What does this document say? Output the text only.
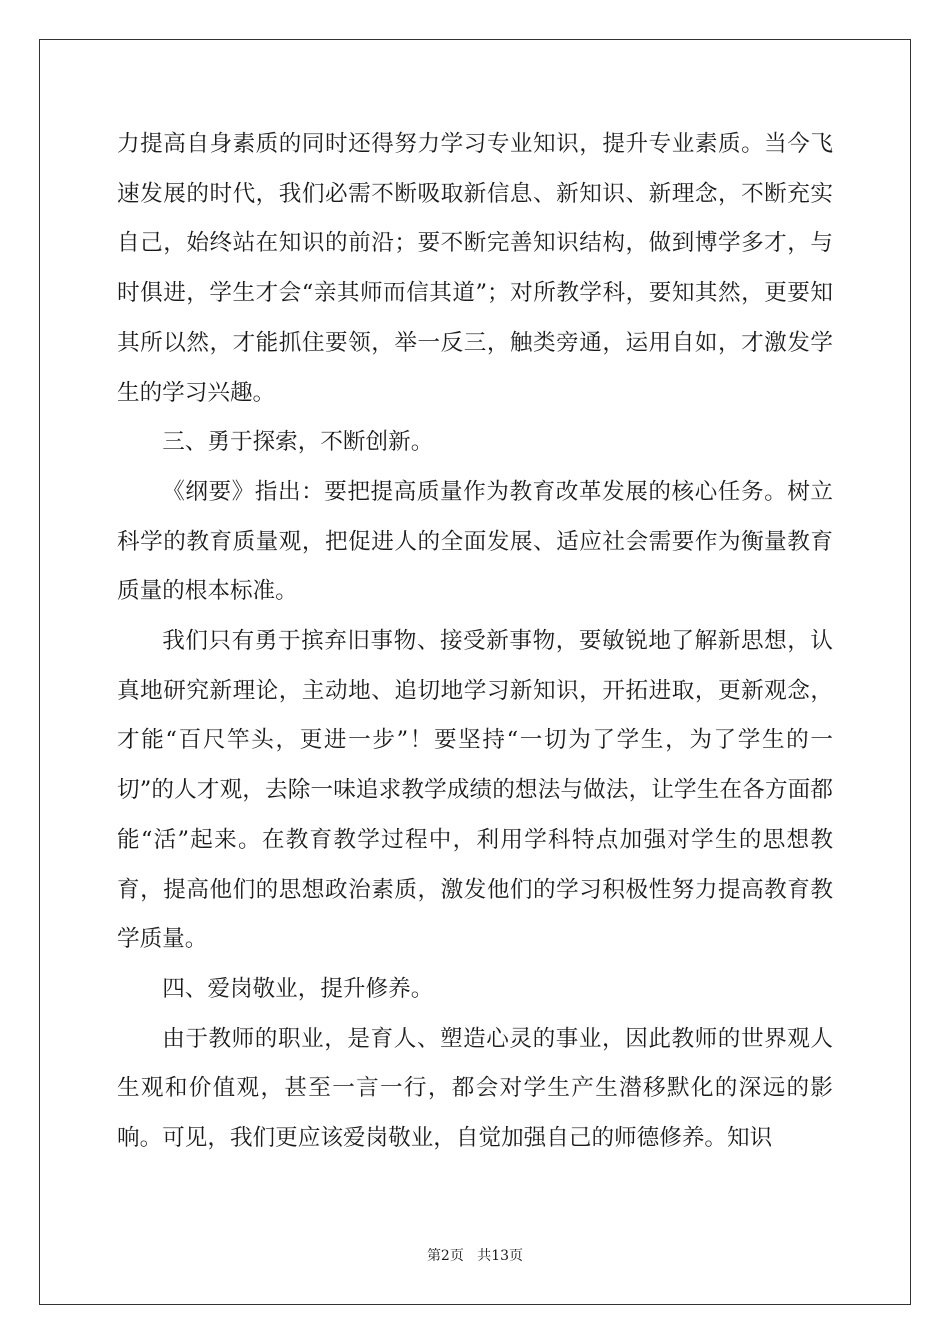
力提高自身素质的同时还得努力学习专业知识，提升专业素质。当今飞速发展的时代，我们必需不断吸取新信息、新知识、新理念，不断充实自己，始终站在知识的前沿；要不断完善知识结构，做到博学多才，与时俱进，学生才会“亲其师而信其道”；对所教学科，要知其然，更要知其所以然，才能抓住要领，举一反三，触类旁通，运用自如，才激发学生的学习兴趣。

三、勇于探索，不断创新。

《纲要》指出：要把提高质量作为教育改革发展的核心任务。树立科学的教育质量观，把促进人的全面发展、适应社会需要作为衡量教育质量的根本标准。

我们只有勇于摈弃旧事物、接受新事物，要敏锐地了解新思想，认真地研究新理论，主动地、追切地学习新知识，开拓进取，更新观念，才能“百尺竿头，更进一步”！要坚持“一切为了学生，为了学生的一切”的人才观，去除一味追求教学成绩的想法与做法，让学生在各方面都能“活”起来。在教育教学过程中，利用学科特点加强对学生的思想教育，提高他们的思想政治素质，激发他们的学习积极性努力提高教育教学质量。

四、爱岗敬业，提升修养。

由于教师的职业，是育人、塑造心灵的事业，因此教师的世界观人生观和价值观，甚至一言一行，都会对学生产生潜移默化的深远的影响。可见，我们更应该爱岗敬业，自觉加强自己的师德修养。知识

第2页 共13页
